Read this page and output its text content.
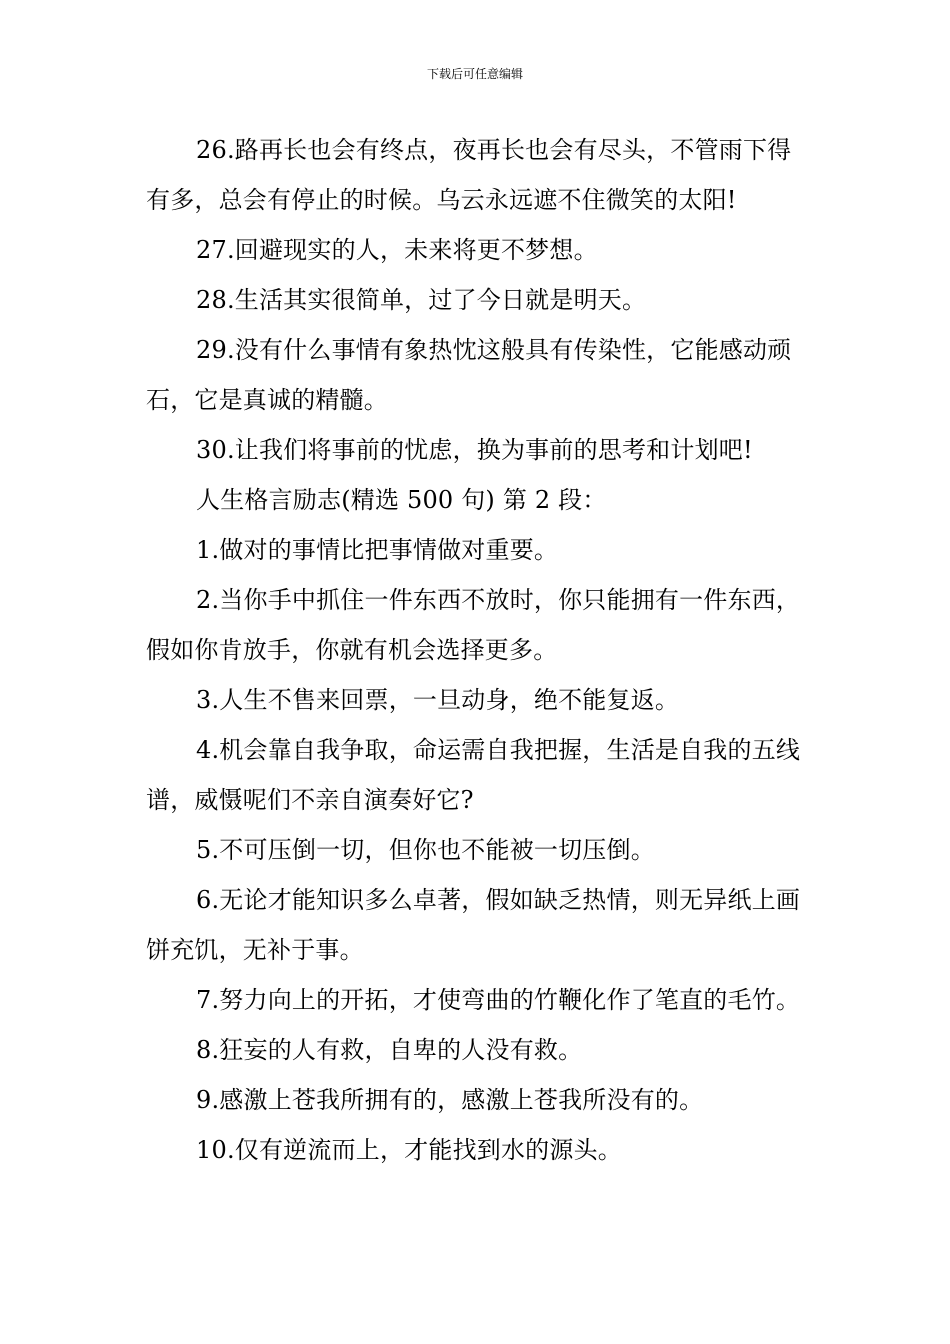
下载后可任意编辑

26.路再长也会有终点，夜再长也会有尽头，不管雨下得有多，总会有停止的时候。乌云永远遮不住微笑的太阳!

27.回避现实的人，未来将更不梦想。

28.生活其实很简单，过了今日就是明天。

29.没有什么事情有象热忱这般具有传染性，它能感动顽石，它是真诚的精髓。

30.让我们将事前的忧虑，换为事前的思考和计划吧!

人生格言励志(精选 500 句) 第 2 段：

1.做对的事情比把事情做对重要。

2.当你手中抓住一件东西不放时，你只能拥有一件东西，假如你肯放手，你就有机会选择更多。

3.人生不售来回票，一旦动身，绝不能复返。

4.机会靠自我争取，命运需自我把握，生活是自我的五线谱，威慑呢们不亲自演奏好它?

5.不可压倒一切，但你也不能被一切压倒。

6.无论才能知识多么卓著，假如缺乏热情，则无异纸上画饼充饥，无补于事。

7.努力向上的开拓，才使弯曲的竹鞭化作了笔直的毛竹。

8.狂妄的人有救，自卑的人没有救。

9.感激上苍我所拥有的，感激上苍我所没有的。

10.仅有逆流而上，才能找到水的源头。
